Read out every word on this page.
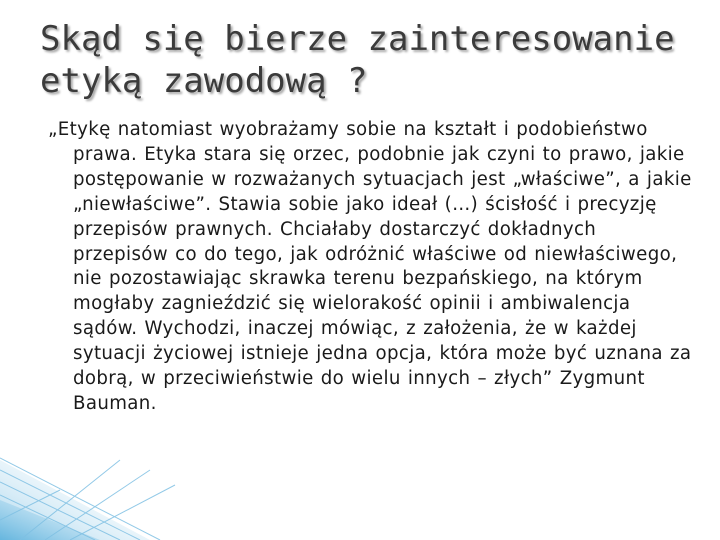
Skąd się bierze zainteresowanie
etyką zawodową ?

„Etykę natomiast wyobrażamy sobie na kształt i podobieństwo prawa. Etyka stara się orzec, podobnie jak czyni to prawo, jakie postępowanie w rozważanych sytuacjach jest „właściwe”, a jakie „niewłaściwe”. Stawia sobie jako ideał (…) ścisłość i precyzję przepisów prawnych. Chciałaby dostarczyć dokładnych przepisów co do tego, jak odróżnić właściwe od niewłaściwego, nie pozostawiając skrawka terenu bezpańskiego, na którym mogłaby zagnieździć się wielorakość opinii i ambiwalencja sądów. Wychodzi, inaczej mówiąc, z założenia, że w każdej sytuacji życiowej istnieje jedna opcja, która może być uznana za dobrą, w przeciwieństwie do wielu innych – złych” Zygmunt Bauman.
